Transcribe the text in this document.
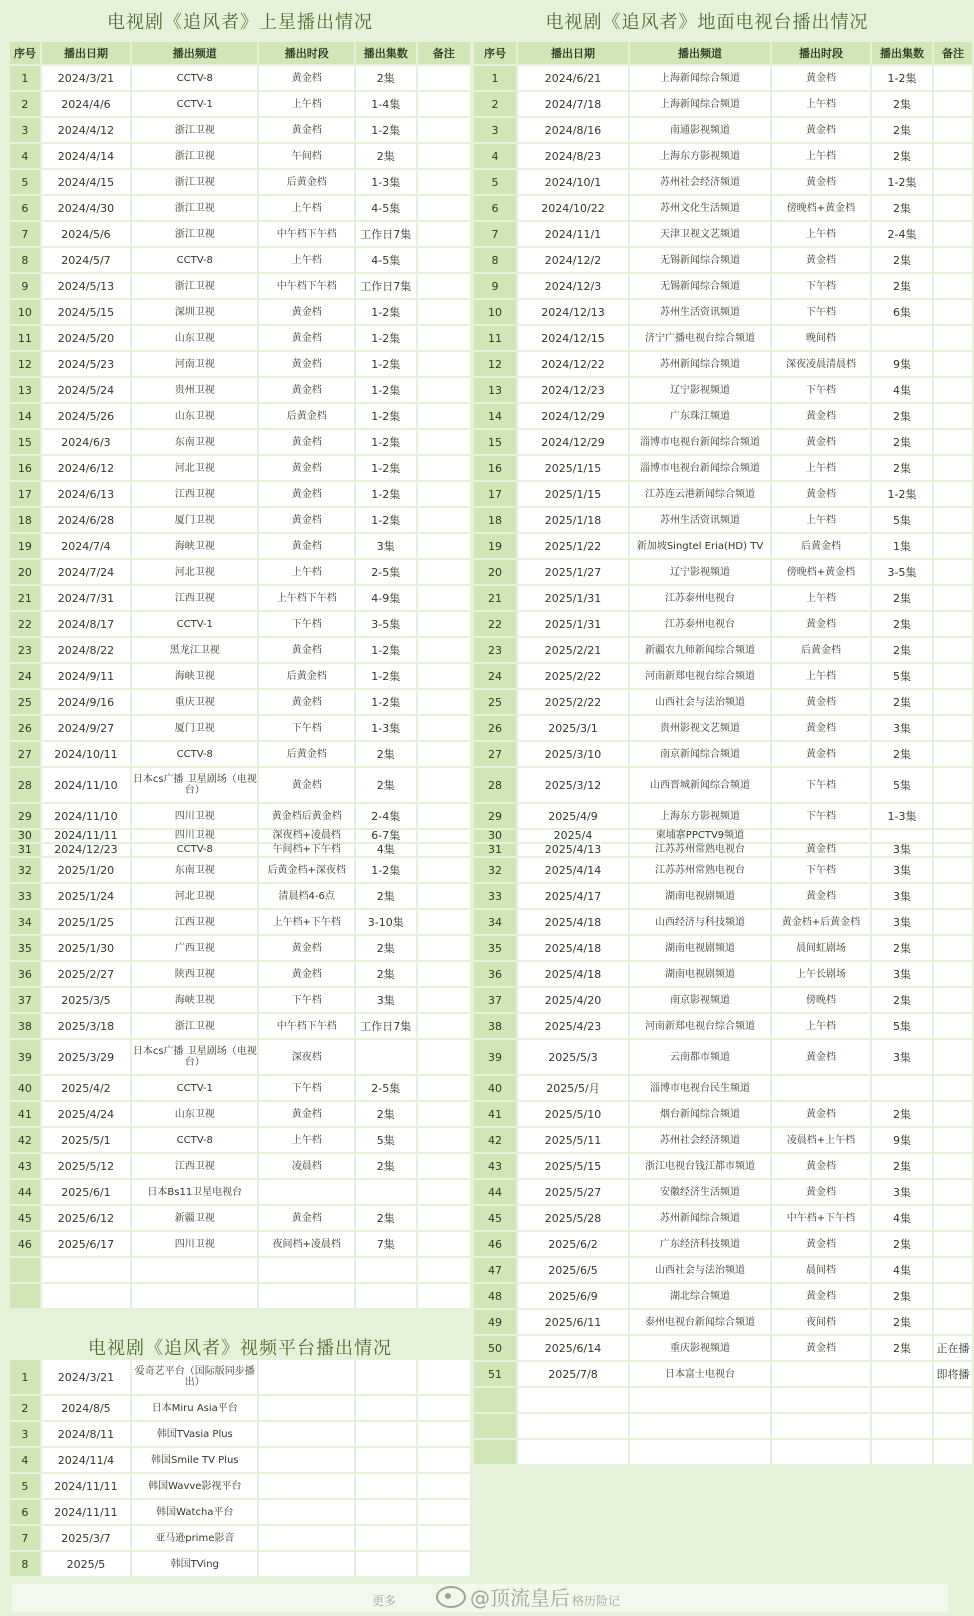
电视剧《追风者》上星播出情况
序号	播出日期	播出频道	播出时段	播出集数	备注
1	2024/3/21	CCTV-8	黄金档	2集	
2	2024/4/6	CCTV-1	上午档	1-4集	
3	2024/4/12	浙江卫视	黄金档	1-2集	
4	2024/4/14	浙江卫视	午间档	2集	
5	2024/4/15	浙江卫视	后黄金档	1-3集	
6	2024/4/30	浙江卫视	上午档	4-5集	
7	2024/5/6	浙江卫视	中午档下午档	工作日7集	
8	2024/5/7	CCTV-8	上午档	4-5集	
9	2024/5/13	浙江卫视	中午档下午档	工作日7集	
10	2024/5/15	深圳卫视	黄金档	1-2集	
11	2024/5/20	山东卫视	黄金档	1-2集	
12	2024/5/23	河南卫视	黄金档	1-2集	
13	2024/5/24	贵州卫视	黄金档	1-2集	
14	2024/5/26	山东卫视	后黄金档	1-2集	
15	2024/6/3	东南卫视	黄金档	1-2集	
16	2024/6/12	河北卫视	黄金档	1-2集	
17	2024/6/13	江西卫视	黄金档	1-2集	
18	2024/6/28	厦门卫视	黄金档	1-2集	
19	2024/7/4	海峡卫视	黄金档	3集	
20	2024/7/24	河北卫视	上午档	2-5集	
21	2024/7/31	江西卫视	上午档下午档	4-9集	
22	2024/8/17	CCTV-1	下午档	3-5集	
23	2024/8/22	黑龙江卫视	黄金档	1-2集	
24	2024/9/11	海峡卫视	后黄金档	1-2集	
25	2024/9/16	重庆卫视	黄金档	1-2集	
26	2024/9/27	厦门卫视	下午档	1-3集	
27	2024/10/11	CCTV-8	后黄金档	2集	
28	2024/11/10	日本cs广播 卫星剧场（电视台）	黄金档	2集	
29	2024/11/10	四川卫视	黄金档后黄金档	2-4集	
30	2024/11/11	四川卫视	深夜档+凌晨档	6-7集	
31	2024/12/23	CCTV-8	午间档+下午档	4集	
32	2025/1/20	东南卫视	后黄金档+深夜档	1-2集	
33	2025/1/24	河北卫视	清晨档4-6点	2集	
34	2025/1/25	江西卫视	上午档+下午档	3-10集	
35	2025/1/30	广西卫视	黄金档	2集	
36	2025/2/27	陕西卫视	黄金档	2集	
37	2025/3/5	海峡卫视	下午档	3集	
38	2025/3/18	浙江卫视	中午档下午档	工作日7集	
39	2025/3/29	日本cs广播 卫星剧场（电视台）	深夜档		
40	2025/4/2	CCTV-1	下午档	2-5集	
41	2025/4/24	山东卫视	黄金档	2集	
42	2025/5/1	CCTV-8	上午档	5集	
43	2025/5/12	江西卫视	凌晨档	2集	
44	2025/6/1	日本Bs11卫星电视台			
45	2025/6/12	新疆卫视	黄金档	2集	
46	2025/6/17	四川卫视	夜间档+凌晨档	7集	

电视剧《追风者》视频平台播出情况
1	2024/3/21	爱奇艺平台（国际版同步播出）			
2	2024/8/5	日本Miru Asia平台			
3	2024/8/11	韩国TVasia Plus			
4	2024/11/4	韩国Smile TV Plus			
5	2024/11/11	韩国Wavve影视平台			
6	2024/11/11	韩国Watcha平台			
7	2025/3/7	亚马逊prime影音			
8	2025/5	韩国TVing			
电视剧《追风者》地面电视台播出情况
序号	播出日期	播出频道	播出时段	播出集数	备注
1	2024/6/21	上海新闻综合频道	黄金档	1-2集	
2	2024/7/18	上海新闻综合频道	上午档	2集	
3	2024/8/16	南通影视频道	黄金档	2集	
4	2024/8/23	上海东方影视频道	上午档	2集	
5	2024/10/1	苏州社会经济频道	黄金档	1-2集	
6	2024/10/22	苏州文化生活频道	傍晚档+黄金档	2集	
7	2024/11/1	天津卫视文艺频道	上午档	2-4集	
8	2024/12/2	无锡新闻综合频道	黄金档	2集	
9	2024/12/3	无锡新闻综合频道	下午档	2集	
10	2024/12/13	苏州生活资讯频道	下午档	6集	
11	2024/12/15	济宁广播电视台综合频道	晚间档		
12	2024/12/22	苏州新闻综合频道	深夜凌晨清晨档	9集	
13	2024/12/23	辽宁影视频道	下午档	4集	
14	2024/12/29	广东珠江频道	黄金档	2集	
15	2024/12/29	淄博市电视台新闻综合频道	黄金档	2集	
16	2025/1/15	淄博市电视台新闻综合频道	上午档	2集	
17	2025/1/15	江苏连云港新闻综合频道	黄金档	1-2集	
18	2025/1/18	苏州生活资讯频道	上午档	5集	
19	2025/1/22	新加坡Singtel Eria(HD) TV	后黄金档	1集	
20	2025/1/27	辽宁影视频道	傍晚档+黄金档	3-5集	
21	2025/1/31	江苏泰州电视台	上午档	2集	
22	2025/1/31	江苏泰州电视台	黄金档	2集	
23	2025/2/21	新疆农九师新闻综合频道	后黄金档	2集	
24	2025/2/22	河南新郑电视台综合频道	上午档	5集	
25	2025/2/22	山西社会与法治频道	黄金档	2集	
26	2025/3/1	贵州影视文艺频道	黄金档	3集	
27	2025/3/10	南京新闻综合频道	黄金档	2集	
28	2025/3/12	山西晋城新闻综合频道	下午档	5集	
29	2025/4/9	上海东方影视频道	下午档	1-3集	
30	2025/4	柬埔寨PPCTV9频道			
31	2025/4/13	江苏苏州常熟电视台	黄金档	3集	
32	2025/4/14	江苏苏州常熟电视台	下午档	3集	
33	2025/4/17	湖南电视剧频道	黄金档	3集	
34	2025/4/18	山西经济与科技频道	黄金档+后黄金档	3集	
35	2025/4/18	湖南电视剧频道	晨间虹剧场	2集	
36	2025/4/18	湖南电视剧频道	上午长剧场	3集	
37	2025/4/20	南京影视频道	傍晚档	2集	
38	2025/4/23	河南新郑电视台综合频道	上午档	5集	
39	2025/5/3	云南都市频道	黄金档	3集	
40	2025/5/月	淄博市电视台民生频道			
41	2025/5/10	烟台新闻综合频道	黄金档	2集	
42	2025/5/11	苏州社会经济频道	凌晨档+上午档	9集	
43	2025/5/15	浙江电视台钱江都市频道	黄金档	2集	
44	2025/5/27	安徽经济生活频道	黄金档	3集	
45	2025/5/28	苏州新闻综合频道	中午档+下午档	4集	
46	2025/6/2	广东经济科技频道	黄金档	2集	
47	2025/6/5	山西社会与法治频道	晨间档	4集	
48	2025/6/9	湖北综合频道	黄金档	2集	
49	2025/6/11	泰州电视台新闻综合频道	夜间档	2集	
50	2025/6/14	重庆影视频道	黄金档	2集	正在播
51	2025/7/8	日本富士电视台			即将播

更多	@顶流皇后 格历险记
